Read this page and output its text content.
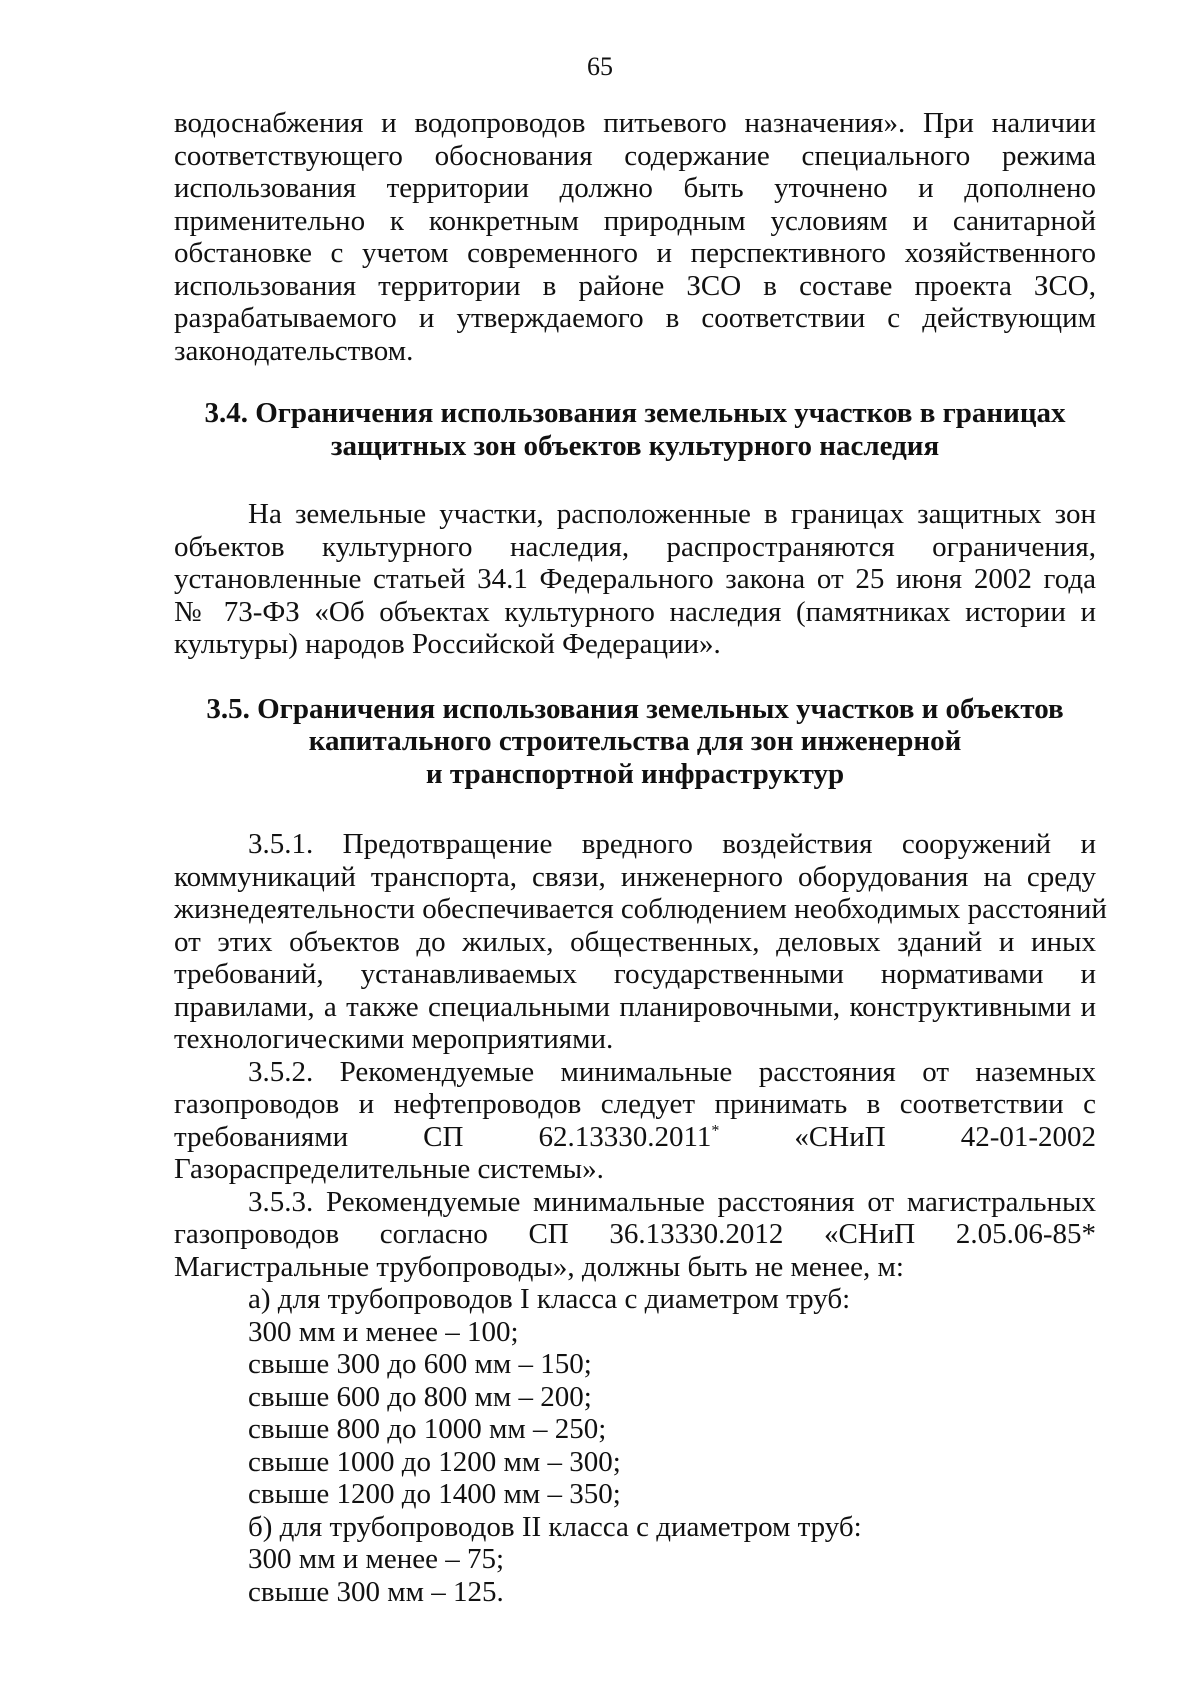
65
водоснабжения и водопроводов питьевого назначения». При наличии
соответствующего обоснования содержание специального режима
использования территории должно быть уточнено и дополнено
применительно к конкретным природным условиям и санитарной
обстановке с учетом современного и перспективного хозяйственного
использования территории в районе ЗСО в составе проекта ЗСО,
разрабатываемого и утверждаемого в соответствии с действующим
законодательством.
3.4. Ограничения использования земельных участков в границах
защитных зон объектов культурного наследия
На земельные участки, расположенные в границах защитных зон
объектов культурного наследия, распространяются ограничения,
установленные статьей 34.1 Федерального закона от 25 июня 2002 года
№ 73-ФЗ «Об объектах культурного наследия (памятниках истории и
культуры) народов Российской Федерации».
3.5. Ограничения использования земельных участков и объектов
капитального строительства для зон инженерной
и транспортной инфраструктур
3.5.1. Предотвращение вредного воздействия сооружений и
коммуникаций транспорта, связи, инженерного оборудования на среду
жизнедеятельности обеспечивается соблюдением необходимых расстояний
от этих объектов до жилых, общественных, деловых зданий и иных
требований, устанавливаемых государственными нормативами и
правилами, а также специальными планировочными, конструктивными и
технологическими мероприятиями.
3.5.2. Рекомендуемые минимальные расстояния от наземных
газопроводов и нефтепроводов следует принимать в соответствии с
требованиями СП 62.13330.2011* «СНиП 42-01-2002
Газораспределительные системы».
3.5.3. Рекомендуемые минимальные расстояния от магистральных
газопроводов согласно СП 36.13330.2012 «СНиП 2.05.06-85*
Магистральные трубопроводы», должны быть не менее, м:
а) для трубопроводов I класса с диаметром труб:
300 мм и менее – 100;
свыше 300 до 600 мм – 150;
свыше 600 до 800 мм – 200;
свыше 800 до 1000 мм – 250;
свыше 1000 до 1200 мм – 300;
свыше 1200 до 1400 мм – 350;
б) для трубопроводов II класса с диаметром труб:
300 мм и менее – 75;
свыше 300 мм – 125.
